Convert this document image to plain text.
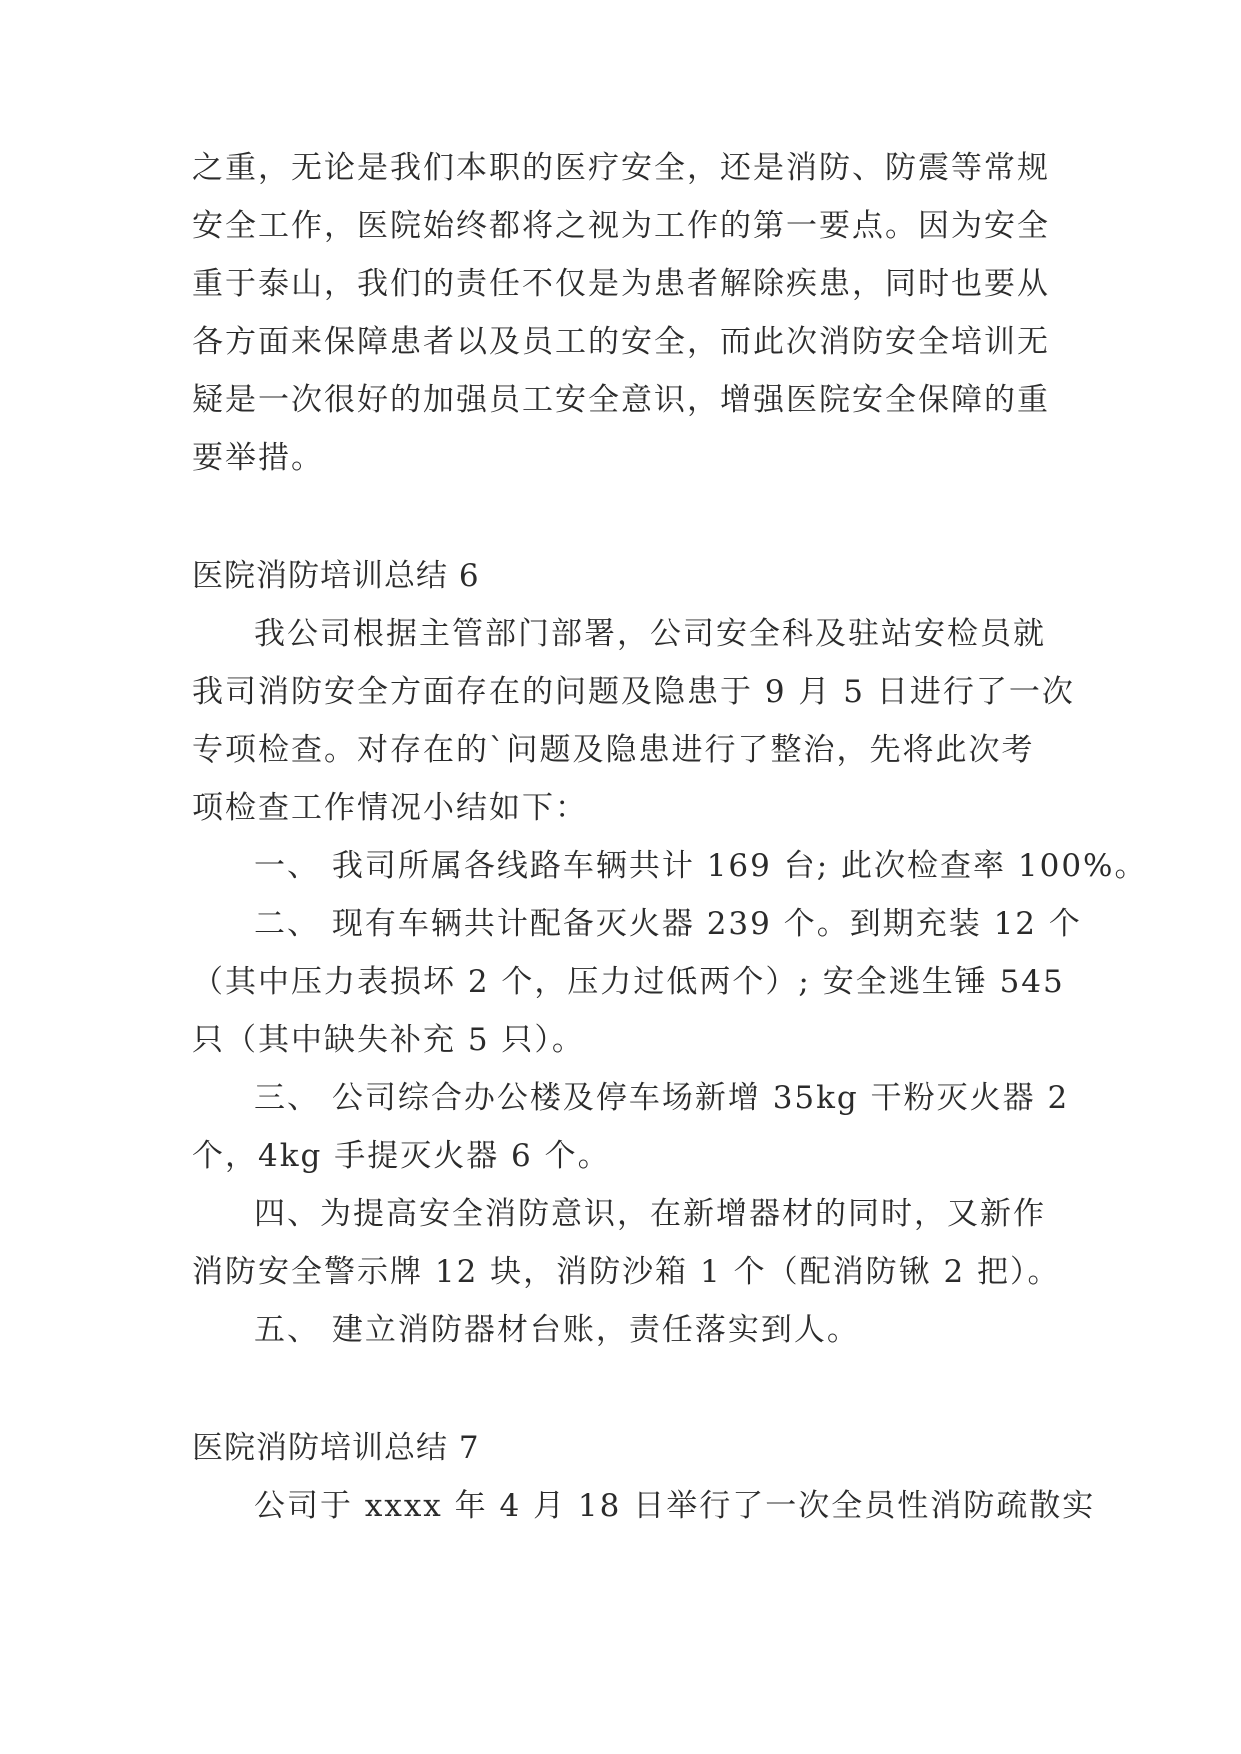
之重，无论是我们本职的医疗安全，还是消防、防震等常规
安全工作，医院始终都将之视为工作的第一要点。因为安全
重于泰山，我们的责任不仅是为患者解除疾患，同时也要从
各方面来保障患者以及员工的安全，而此次消防安全培训无
疑是一次很好的加强员工安全意识，增强医院安全保障的重
要举措。
医院消防培训总结 6
我公司根据主管部门部署，公司安全科及驻站安检员就
我司消防安全方面存在的问题及隐患于 9 月 5 日进行了一次
专项检查。对存在的`问题及隐患进行了整治，先将此次考
项检查工作情况小结如下：
一、 我司所属各线路车辆共计 169 台; 此次检查率 100%。
二、 现有车辆共计配备灭火器 239 个。到期充装 12 个
（其中压力表损坏 2 个，压力过低两个）; 安全逃生锤 545
只（其中缺失补充 5 只）。
三、 公司综合办公楼及停车场新增 35kg 干粉灭火器 2
个，4kg 手提灭火器 6 个。
四、为提高安全消防意识，在新增器材的同时，又新作
消防安全警示牌 12 块，消防沙箱 1 个（配消防锹 2 把）。
五、 建立消防器材台账，责任落实到人。
医院消防培训总结 7
公司于 xxxx 年 4 月 18 日举行了一次全员性消防疏散实
